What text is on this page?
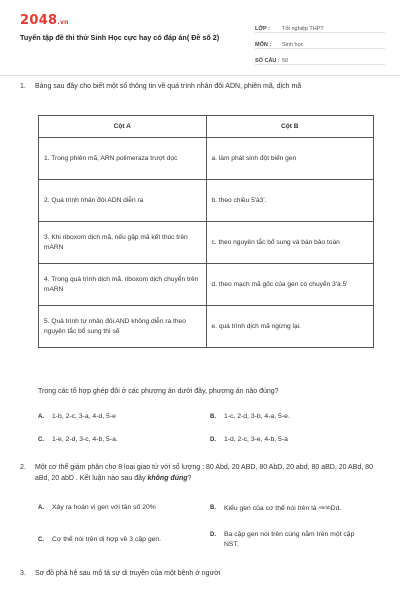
2048.vn
Tuyển tập đề thi thử Sinh Học cực hay có đáp án( Đề số 2)
LỚP :	Tốt nghiệp THPT
MÔN :	Sinh học
SỐ CÂU : 50
1. Bảng sau đây cho biết một số thông tin về quá trình nhân đôi ADN, phiên mã, dịch mã
Cột A	Cột B
1. Trong phiên mã, ARN polimeraza trượt dọc	a. làm phát sinh đột biến gen
2. Quá trình nhân đôi ADN diễn ra	b. theo chiều 5'à3'.
3. Khi riboxom dịch mã, nếu gặp mã kết thúc trên mARN	c. theo nguyên tắc bổ sung và bán bảo toàn
4. Trong quá trình dịch mã, riboxom dịch chuyển trên mARN	d. theo mạch mã gốc của gen có chuyển 3'à 5'
5. Quá trình tự nhân đôi AND không diễn ra theo nguyên tắc bổ sung thì sẽ	e. quá trình dịch mã ngừng lại.
Trong các tổ hợp ghép đôi ở các phương án dưới đây, phương án nào đúng?
A. 1-b, 2-c, 3-a, 4-d, 5-e	B. 1-c, 2-d, 3-b, 4-a, 5-e.
C. 1-e, 2-d, 3-c, 4-b, 5-a.	D. 1-d, 2-c, 3-e, 4-b, 5-a
2. Một cơ thể giảm phân cho 8 loại giao tử với số lượng : 80 Abd, 20 ABD, 80 AbD, 20 abd, 80 aBD, 20 ABd, 80 aBd, 20 abD . Kết luận nào sau đây không đúng?
A. Xảy ra hoán vị gen với tần số 20%	B. Kiểu gen của cơ thể nói trên là AB/abDd.
C. Cơ thể nói trên dị hợp về 3 cặp gen.
D. Ba cặp gen nói trên cùng nằm trên một cặp NST.
3. Sơ đồ phả hệ sau mô tả sự di truyền của một bệnh ở người
